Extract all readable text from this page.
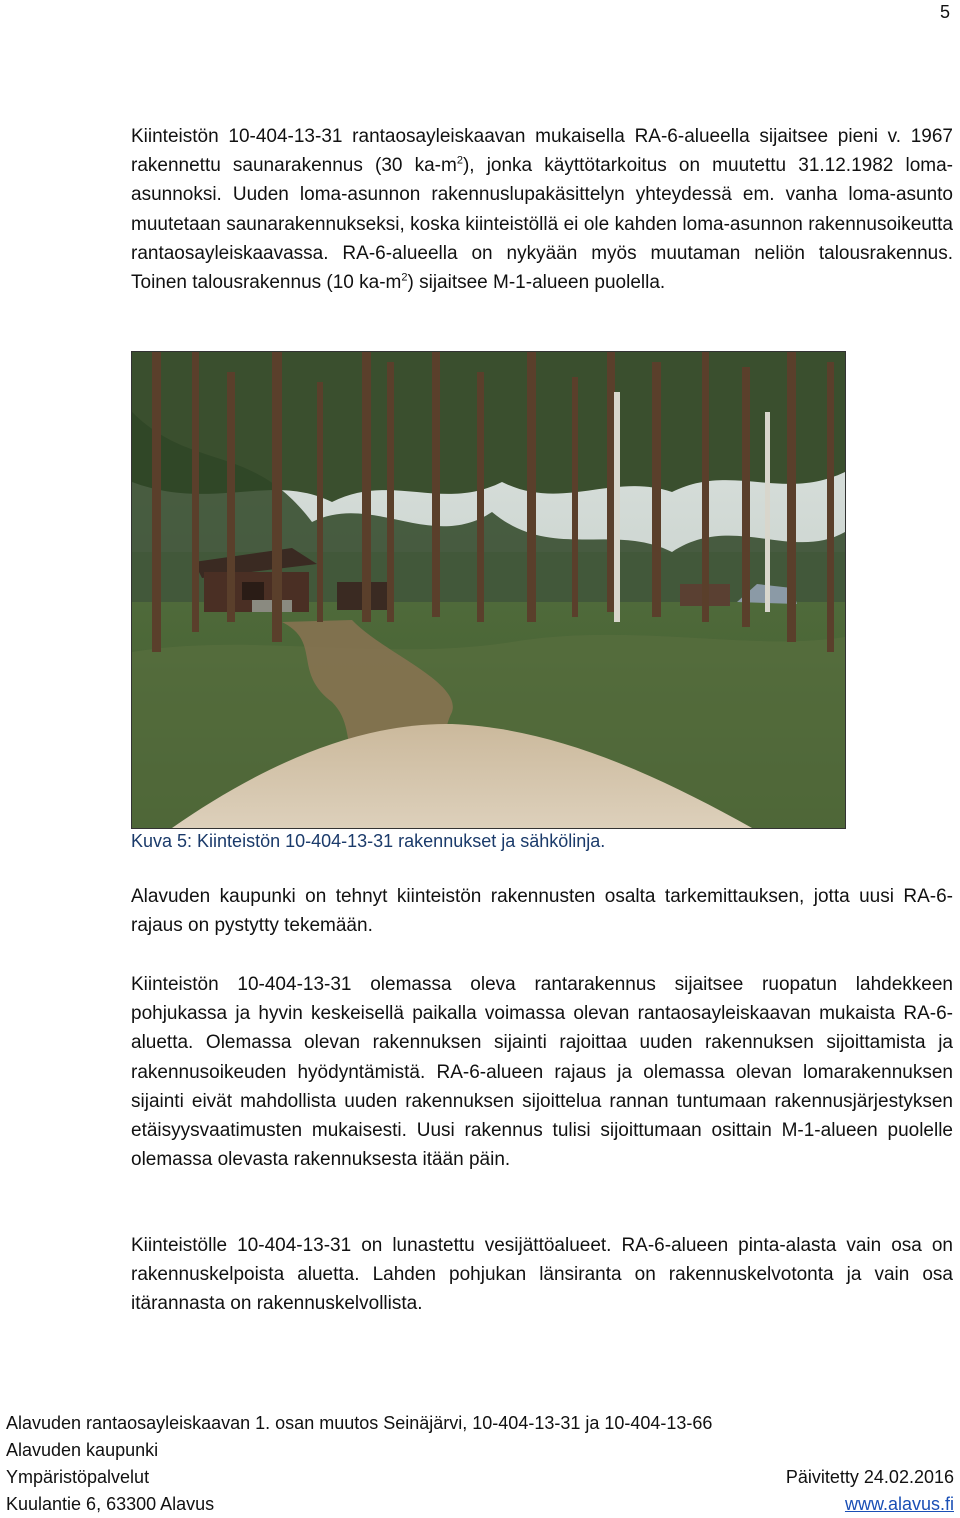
5

Kiinteistön 10-404-13-31 rantaosayleiskaavan mukaisella RA-6-alueella sijaitsee pieni v. 1967 rakennettu saunarakennus (30 $ka-m^2$), jonka käyttötarkoitus on muutettu 31.12.1982 loma-asunnoksi. Uuden loma-asunnon rakennuslupakäsittelyn yhteydessä em. vanha loma-asunto muutetaan saunarakennukseksi, koska kiinteistöllä ei ole kahden loma-asunnon rakennusoikeutta rantaosayleiskaavassa. RA-6-alueella on nykyään myös muutaman neliön talousrakennus. Toinen talousrakennus (10 $ka-m^2$) sijaitsee M-1-alueen puolella.

Kuva 5: Kiinteistön 10-404-13-31 rakennukset ja sähkölinja.

Alavuden kaupunki on tehnyt kiinteistön rakennusten osalta tarkemittauksen, jotta uusi RA-6- rajaus on pystytty tekemään.

Kiinteistön 10-404-13-31 olemassa oleva rantarakennus sijaitsee ruopatun lahdekkeen pohjukassa ja hyvin keskeisellä paikalla voimassa olevan rantaosayleiskaavan mukaista RA-6-aluetta. Olemassa olevan rakennuksen sijainti rajoittaa uuden rakennuksen sijoittamista ja rakennusoikeuden hyödyntämistä. RA-6-alueen rajaus ja olemassa olevan lomarakennuksen sijainti eivät mahdollista uuden rakennuksen sijoittelua rannan tuntumaan rakennusjärjestyksen etäisyysvaatimusten mukaisesti. Uusi rakennus tulisi sijoittumaan osittain M-1-alueen puolelle olemassa olevasta rakennuksesta itään päin.

Kiinteistölle 10-404-13-31 on lunastettu vesijättöalueet. RA-6-alueen pinta-alasta vain osa on rakennuskelpoista aluetta. Lahden pohjukan länsiranta on rakennuskelvotonta ja vain osa itärannasta on rakennuskelvollista.

Alavuden rantaosayleiskaavan 1. osan muutos Seinäjärvi, 10-404-13-31 ja 10-404-13-66
Alavuden kaupunki
Ympäristöpalvelut	Päivitetty 24.02.2016
Kuulantie 6, 63300 Alavus	www.alavus.fi
